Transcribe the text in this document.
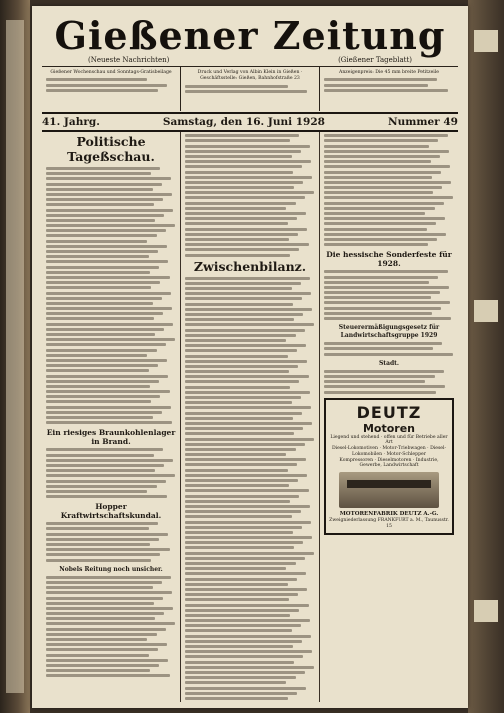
Gießener Zeitung
(Neueste Nachrichten)	(Gießener Tageblatt)
Gießener Wochenschau und Sonntags-Gratisbeilage	Druck und Verlag von Albin Klein in Gießen · Geschäftsstelle: Gießen, Bahnhofstraße 23
Anzeigenpreis: Die 45 mm breite Petitzeile
41. Jahrg.	Samstag, den 16. Juni 1928	Nummer 49
Politische Tageßschau.
Ein riesiges Braunkohlenlager in Brand.
Hopper Kraftwirtschaftskundal.
Nobels Reitung noch unsicher.
Zwischenbilanz.
Die hessische Sonderfeste für 1928.
Steuerermäßigungsgesetz für Landwirtschaftsgruppe 1929
Stadt.
DEUTZ
Motoren
Liegend und stehend · offen und für Betriebe aller Art
Diesel-Lokomotiven · Motor-Triebwagen · Diesel-Lokomobilen · Motor-Schlepper
Kompressoren · Dieselmotoren · Industrie, Gewerbe, Landwirtschaft
MOTORENFABRIK DEUTZ A.-G.
Zweigniederlassung FRANKFURT a. M., Taunusstr. 15
